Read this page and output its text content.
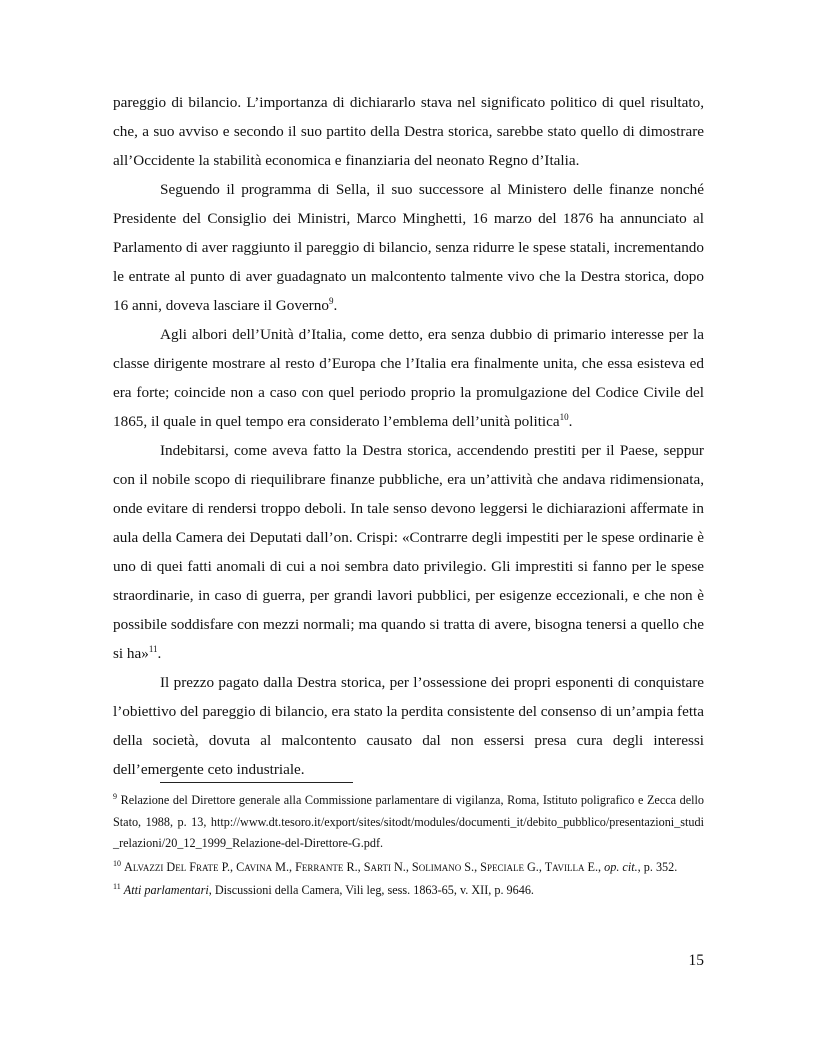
pareggio di bilancio. L’importanza di dichiararlo stava nel significato politico di quel risultato, che, a suo avviso e secondo il suo partito della Destra storica, sarebbe stato quello di dimostrare all’Occidente la stabilità economica e finanziaria del neonato Regno d’Italia.

Seguendo il programma di Sella, il suo successore al Ministero delle finanze nonché Presidente del Consiglio dei Ministri, Marco Minghetti, 16 marzo del 1876 ha annunciato al Parlamento di aver raggiunto il pareggio di bilancio, senza ridurre le spese statali, incrementando le entrate al punto di aver guadagnato un malcontento talmente vivo che la Destra storica, dopo 16 anni, doveva lasciare il Governo$^9$.

Agli albori dell’Unità d’Italia, come detto, era senza dubbio di primario interesse per la classe dirigente mostrare al resto d’Europa che l’Italia era finalmente unita, che essa esisteva ed era forte; coincide non a caso con quel periodo proprio la promulgazione del Codice Civile del 1865, il quale in quel tempo era considerato l’emblema dell’unità politica$^{10}$.

Indebitarsi, come aveva fatto la Destra storica, accendendo prestiti per il Paese, seppur con il nobile scopo di riequilibrare finanze pubbliche, era un’attività che andava ridimensionata, onde evitare di rendersi troppo deboli. In tale senso devono leggersi le dichiarazioni affermate in aula della Camera dei Deputati dall’on. Crispi: «Contrarre degli impestiti per le spese ordinarie è uno di quei fatti anomali di cui a noi sembra dato privilegio. Gli imprestiti si fanno per le spese straordinarie, in caso di guerra, per grandi lavori pubblici, per esigenze eccezionali, e che non è possibile soddisfare con mezzi normali; ma quando si tratta di avere, bisogna tenersi a quello che si ha»$^{11}$.

Il prezzo pagato dalla Destra storica, per l’ossessione dei propri esponenti di conquistare l’obiettivo del pareggio di bilancio, era stato la perdita consistente del consenso di un’ampia fetta della società, dovuta al malcontento causato dal non essersi presa cura degli interessi dell’emergente ceto industriale.

$^9$ Relazione del Direttore generale alla Commissione parlamentare di vigilanza, Roma, Istituto poligrafico e Zecca dello Stato, 1988, p. 13, http://www.dt.tesoro.it/export/sites/sitodt/modules/documenti_it/debito_pubblico/presentazioni_studi_relazioni/20_12_1999_Relazione-del-Direttore-G.pdf.

$^{10}$ Alvazzi Del Frate P., Cavina M., Ferrante R., Sarti N., Solimano S., Speciale G., Tavilla E., op. cit., p. 352.

$^{11}$ Atti parlamentari, Discussioni della Camera, Vili leg, sess. 1863-65, v. XII, p. 9646.

15
